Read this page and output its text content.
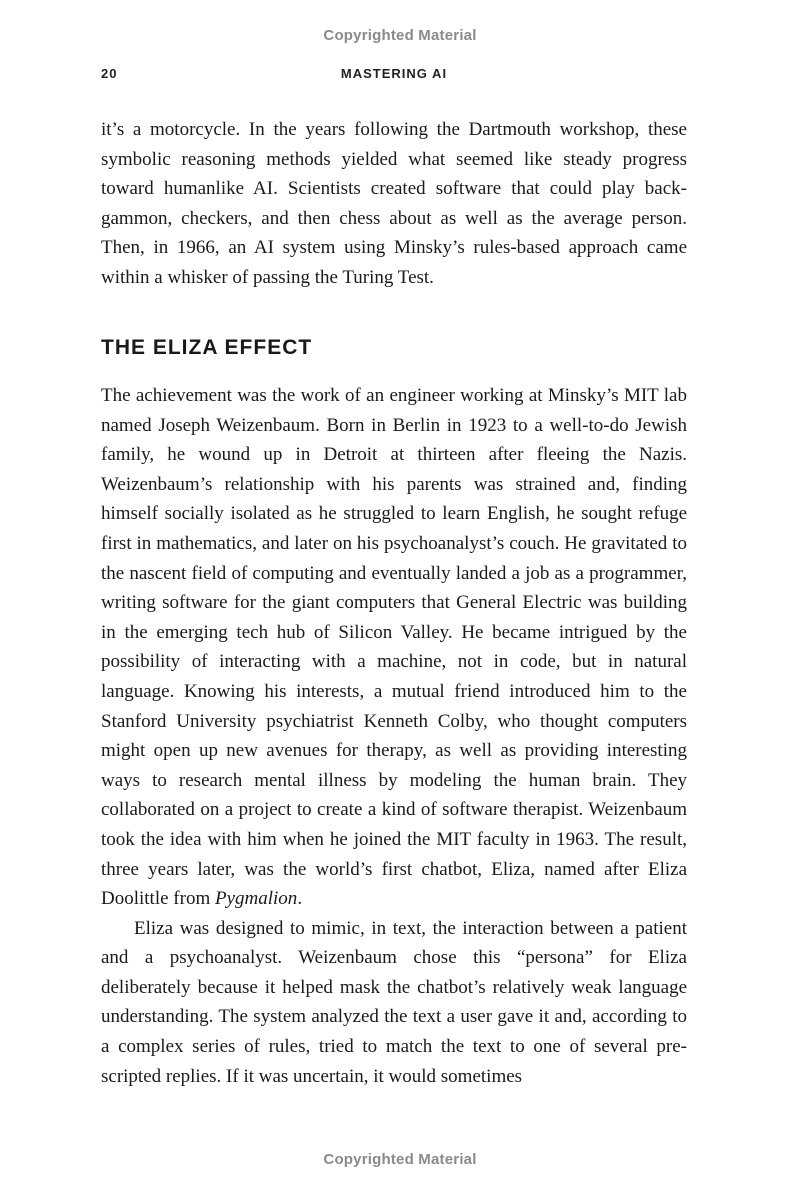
Copyrighted Material
20	MASTERING AI

it’s a motorcycle. In the years following the Dartmouth workshop, these symbolic reasoning methods yielded what seemed like steady progress toward humanlike AI. Scientists created software that could play backgammon, checkers, and then chess about as well as the average person. Then, in 1966, an AI system using Minsky’s rules-based approach came within a whisker of passing the Turing Test.

THE ELIZA EFFECT

The achievement was the work of an engineer working at Minsky’s MIT lab named Joseph Weizenbaum. Born in Berlin in 1923 to a well-to-do Jewish family, he wound up in Detroit at thirteen after fleeing the Nazis. Weizenbaum’s relationship with his parents was strained and, finding himself socially isolated as he struggled to learn English, he sought refuge first in mathematics, and later on his psychoanalyst’s couch. He gravitated to the nascent field of computing and eventually landed a job as a programmer, writing software for the giant computers that General Electric was building in the emerging tech hub of Silicon Valley. He became intrigued by the possibility of interacting with a machine, not in code, but in natural language. Knowing his interests, a mutual friend introduced him to the Stanford University psychiatrist Kenneth Colby, who thought computers might open up new avenues for therapy, as well as providing interesting ways to research mental illness by modeling the human brain. They collaborated on a project to create a kind of software therapist. Weizenbaum took the idea with him when he joined the MIT faculty in 1963. The result, three years later, was the world’s first chatbot, Eliza, named after Eliza Doolittle from Pygmalion.

Eliza was designed to mimic, in text, the interaction between a patient and a psychoanalyst. Weizenbaum chose this “persona” for Eliza deliberately because it helped mask the chatbot’s relatively weak language understanding. The system analyzed the text a user gave it and, according to a complex series of rules, tried to match the text to one of several pre-scripted replies. If it was uncertain, it would sometimes

Copyrighted Material
